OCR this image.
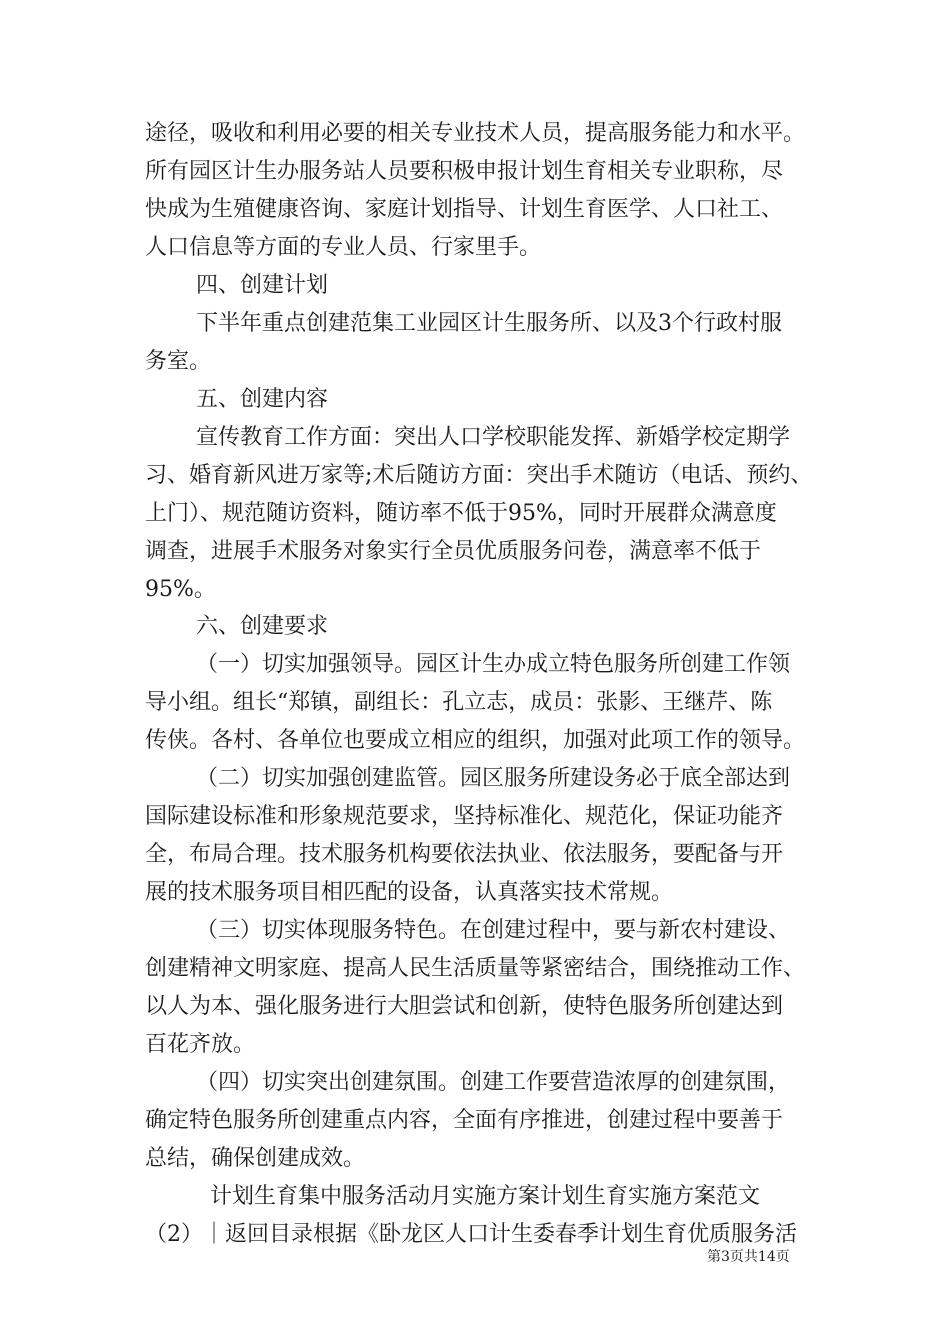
途径，吸收和利用必要的相关专业技术人员，提高服务能力和水平。
所有园区计生办服务站人员要积极申报计划生育相关专业职称，尽
快成为生殖健康咨询、家庭计划指导、计划生育医学、人口社工、
人口信息等方面的专业人员、行家里手。
四、创建计划
下半年重点创建范集工业园区计生服务所、以及3个行政村服
务室。
五、创建内容
宣传教育工作方面：突出人口学校职能发挥、新婚学校定期学
习、婚育新风进万家等;术后随访方面：突出手术随访（电话、预约、
上门）、规范随访资料，随访率不低于95%，同时开展群众满意度
调查，进展手术服务对象实行全员优质服务问卷，满意率不低于
95%。
六、创建要求
（一）切实加强领导。园区计生办成立特色服务所创建工作领
导小组。组长“郑镇，副组长：孔立志，成员：张影、王继芹、陈
传侠。各村、各单位也要成立相应的组织，加强对此项工作的领导。
（二）切实加强创建监管。园区服务所建设务必于底全部达到
国际建设标准和形象规范要求，坚持标准化、规范化，保证功能齐
全，布局合理。技术服务机构要依法执业、依法服务，要配备与开
展的技术服务项目相匹配的设备，认真落实技术常规。
（三）切实体现服务特色。在创建过程中，要与新农村建设、
创建精神文明家庭、提高人民生活质量等紧密结合，围绕推动工作、
以人为本、强化服务进行大胆尝试和创新，使特色服务所创建达到
百花齐放。
（四）切实突出创建氛围。创建工作要营造浓厚的创建氛围，
确定特色服务所创建重点内容，全面有序推进，创建过程中要善于
总结，确保创建成效。
计划生育集中服务活动月实施方案计划生育实施方案范文
（2）｜返回目录根据《卧龙区人口计生委春季计划生育优质服务活
第3页共14页
